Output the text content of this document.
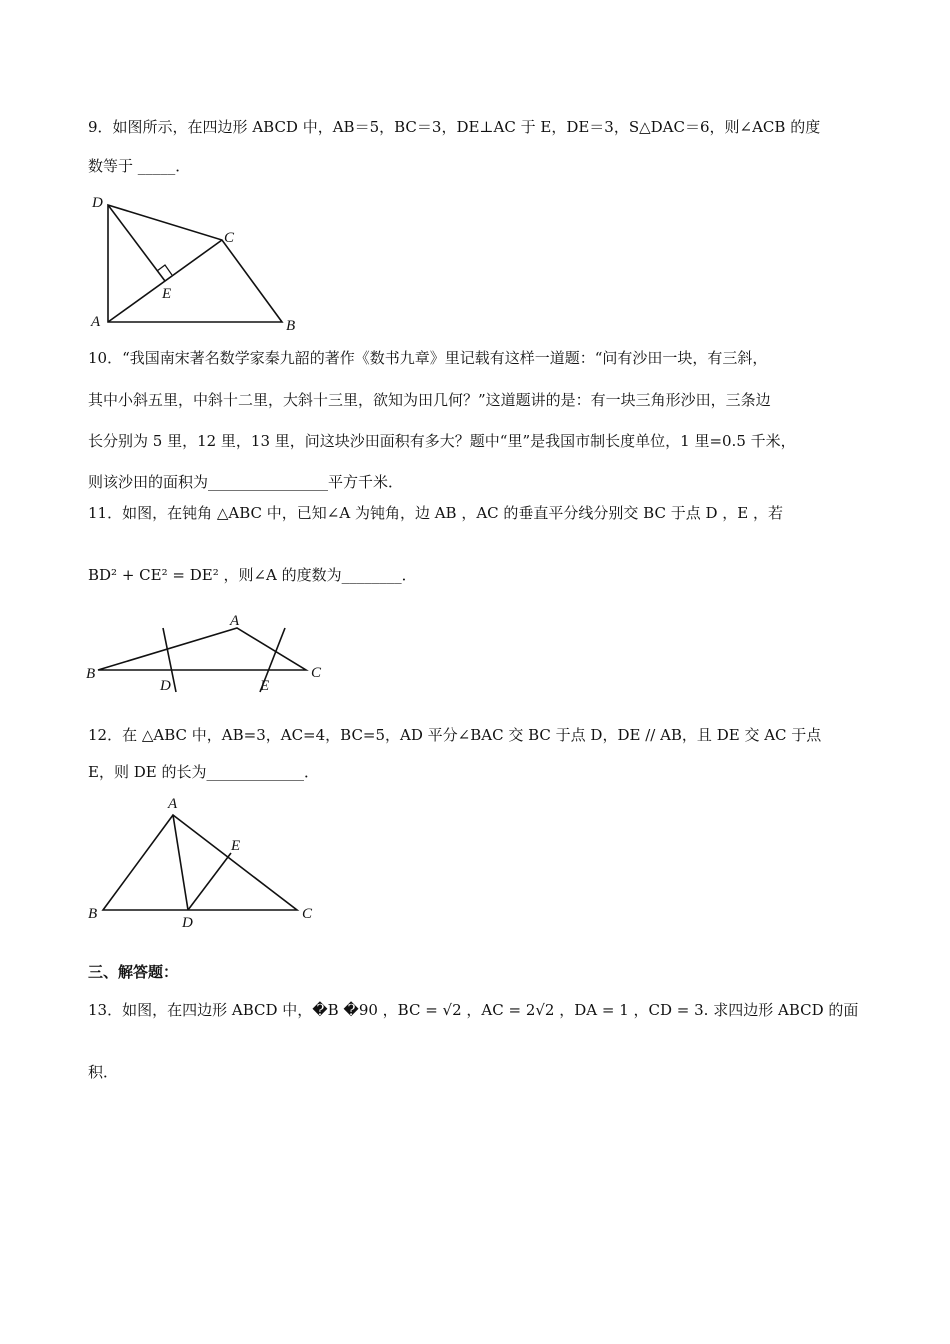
9．如图所示，在四边形 ABCD 中，AB＝5，BC＝3，DE⊥AC 于 E，DE＝3，S△DAC＝6，则∠ACB 的度
数等于 _____．
D
C
E
A	B
B
A
C
D	E
A
B	C
D
E
10．“我国南宋著名数学家秦九韶的著作《数书九章》里记载有这样一道题：“问有沙田一块，有三斜，
其中小斜五里，中斜十二里，大斜十三里，欲知为田几何？”这道题讲的是：有一块三角形沙田，三条边
长分别为 5 里，12 里，13 里，问这块沙田面积有多大？题中“里”是我国市制长度单位，1 里=0.5 千米，
则该沙田的面积为________________平方千米．
11．如图，在钝角 △ABC 中，已知∠A 为钝角，边 AB ，AC 的垂直平分线分别交 BC 于点 D ，E ，若
BD² + CE² = DE² ，则∠A 的度数为________．
12．在 △ABC 中，AB=3，AC=4，BC=5，AD 平分∠BAC 交 BC 于点 D，DE // AB，且 DE 交 AC 于点
E，则 DE 的长为_____________．
三、解答题：
13．如图，在四边形 ABCD 中，�B �90 ，BC = √2 ，AC = 2√2 ，DA = 1 ，CD = 3. 求四边形 ABCD 的面
积．
